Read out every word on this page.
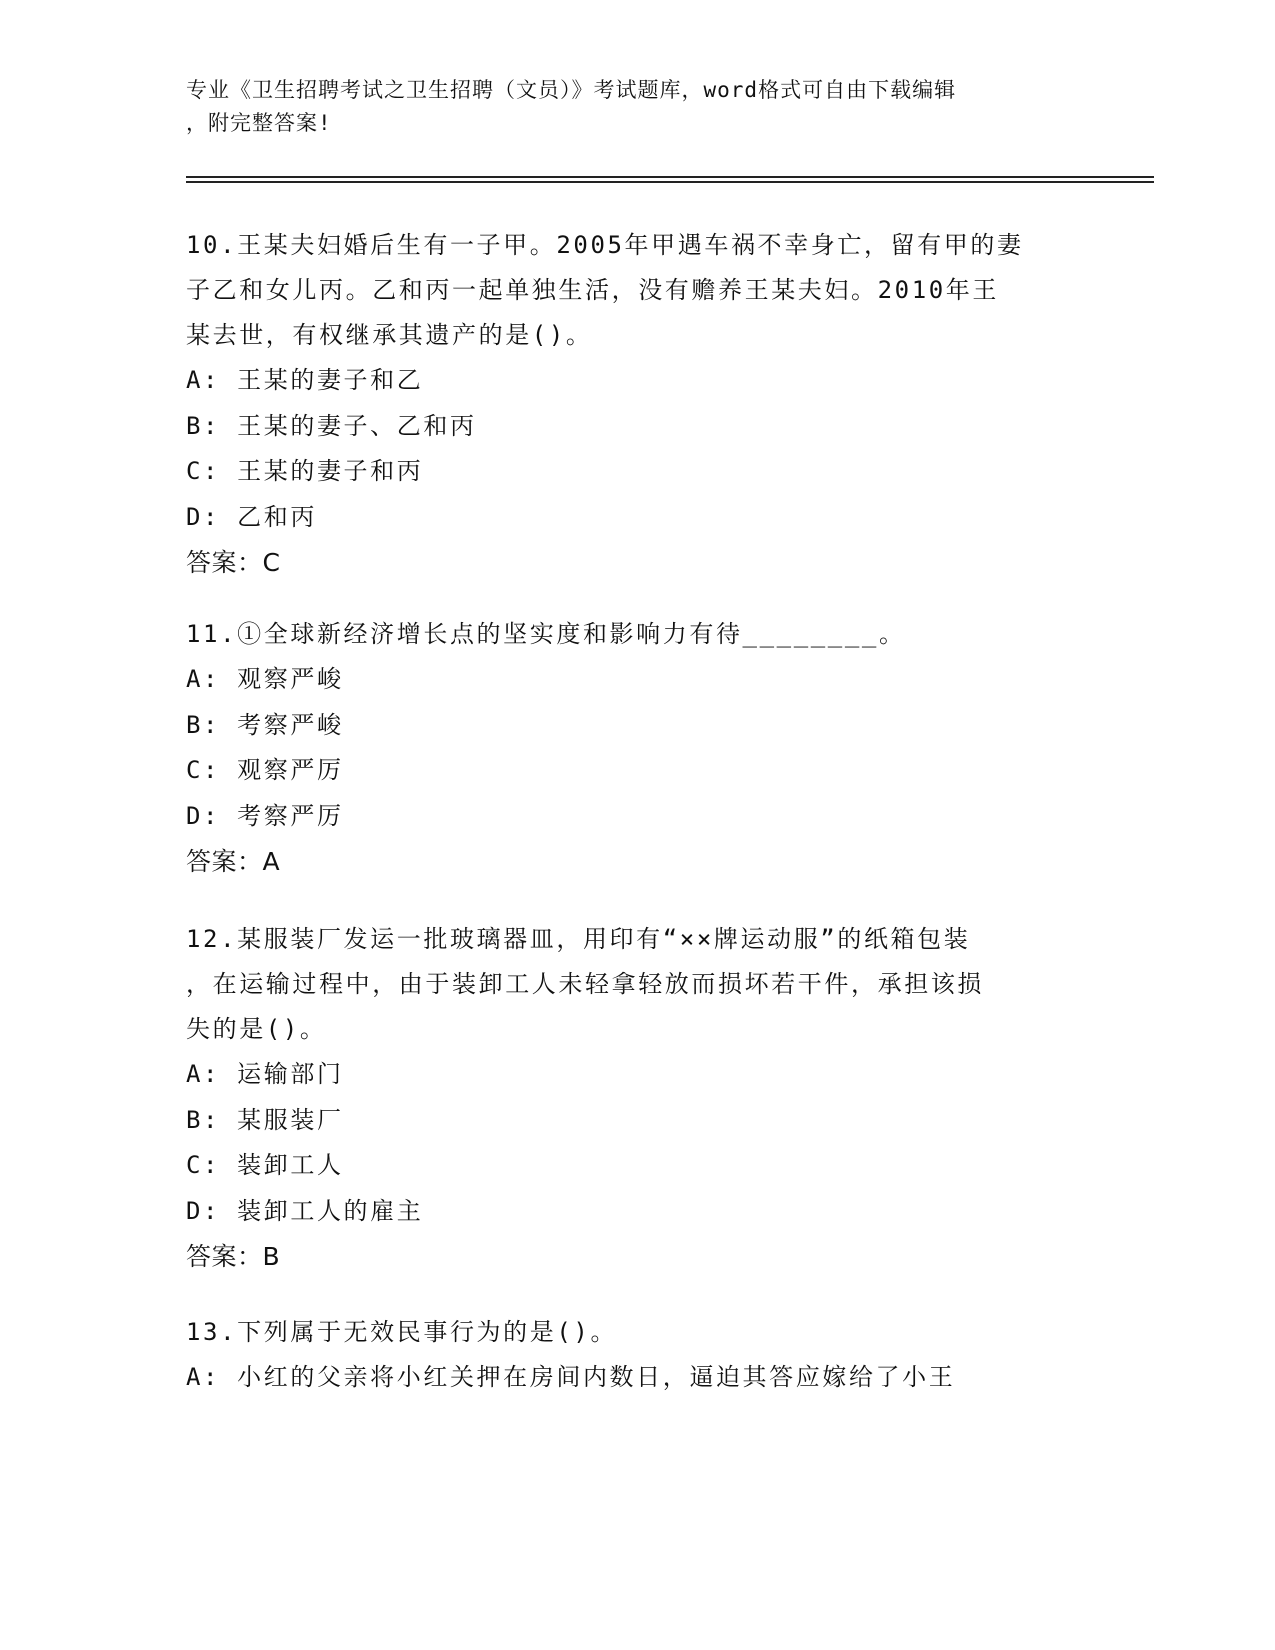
专业《卫生招聘考试之卫生招聘（文员）》考试题库，word格式可自由下载编辑

，附完整答案!

10.王某夫妇婚后生有一子甲。2005年甲遇车祸不幸身亡，留有甲的妻

子乙和女儿丙。乙和丙一起单独生活，没有赡养王某夫妇。2010年王

某去世，有权继承其遗产的是()。

A: 王某的妻子和乙

B: 王某的妻子、乙和丙

C: 王某的妻子和丙

D: 乙和丙

答案：C

11.①全球新经济增长点的坚实度和影响力有待________。

A: 观察严峻

B: 考察严峻

C: 观察严厉

D: 考察严厉

答案：A

12.某服装厂发运一批玻璃器皿，用印有“××牌运动服”的纸箱包装

，在运输过程中，由于装卸工人未轻拿轻放而损坏若干件，承担该损

失的是()。

A: 运输部门

B: 某服装厂

C: 装卸工人

D: 装卸工人的雇主

答案：B

13.下列属于无效民事行为的是()。

A: 小红的父亲将小红关押在房间内数日，逼迫其答应嫁给了小王
